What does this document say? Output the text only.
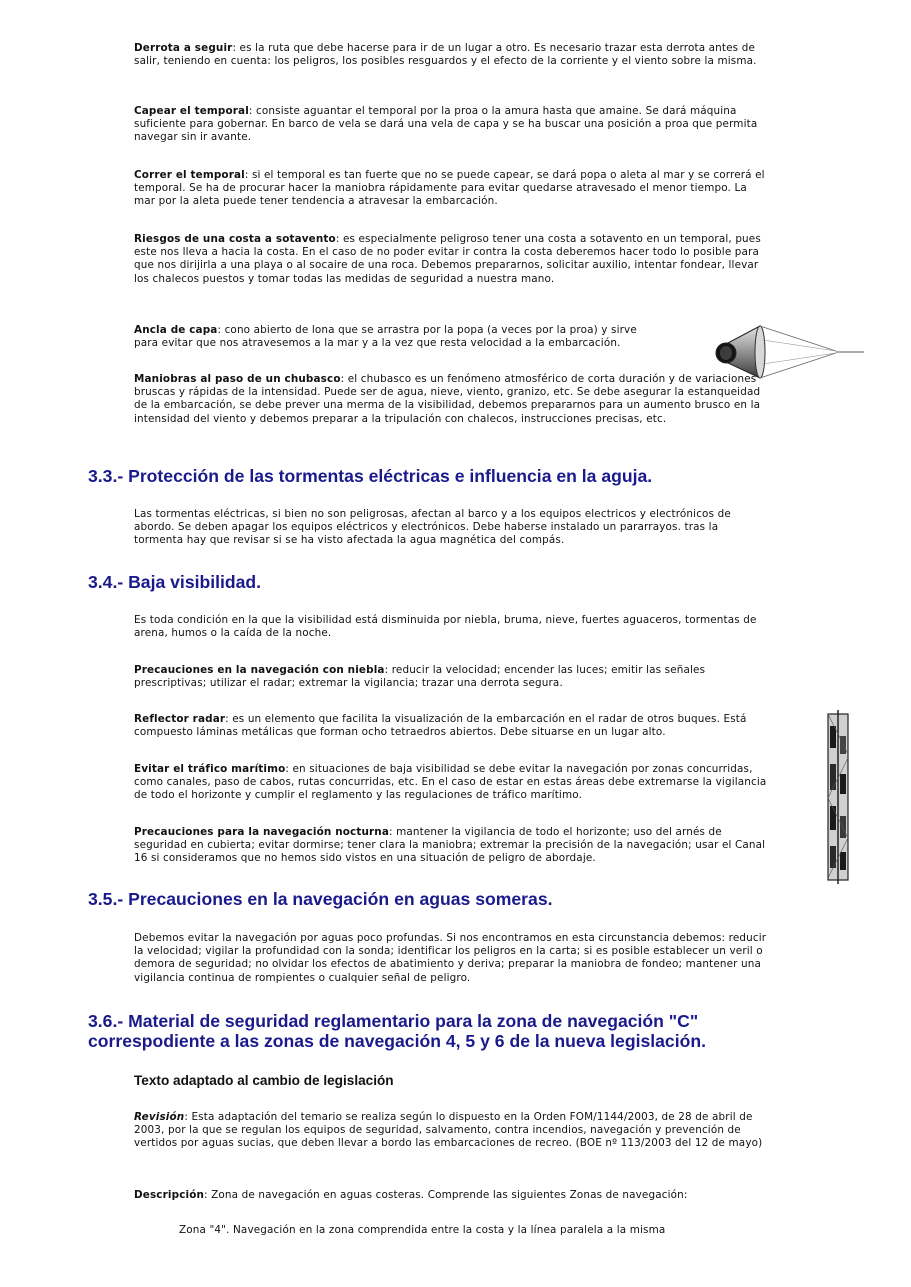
Derrota a seguir: es la ruta que debe hacerse para ir de un lugar a otro. Es necesario trazar esta derrota antes de salir, teniendo en cuenta: los peligros, los posibles resguardos y el efecto de la corriente y el viento sobre la misma.
Capear el temporal: consiste aguantar el temporal por la proa o la amura hasta que amaine. Se dará máquina suficiente para gobernar. En barco de vela se dará una vela de capa y se ha buscar una posición a proa que permita navegar sin ir avante.
Correr el temporal: si el temporal es tan fuerte que no se puede capear, se dará popa o aleta al mar y se correrá el temporal. Se ha de procurar hacer la maniobra rápidamente para evitar quedarse atravesado el menor tiempo. La mar por la aleta puede tener tendencia a atravesar la embarcación.
Riesgos de una costa a sotavento: es especialmente peligroso tener una costa a sotavento en un temporal, pues este nos lleva a hacia la costa. En el caso de no poder evitar ir contra la costa deberemos hacer todo lo posible para que nos dirijirla a una playa o al socaire de una roca. Debemos prepararnos, solicitar auxilio, intentar fondear, llevar los chalecos puestos y tomar todas las medidas de seguridad a nuestra mano.
Ancla de capa: cono abierto de lona que se arrastra por la popa (a veces por la proa) y sirve para evitar que nos atravesemos a la mar y a la vez que resta velocidad a la embarcación.
Maniobras al paso de un chubasco: el chubasco es un fenómeno atmosférico de corta duración y de variaciones bruscas y rápidas de la intensidad. Puede ser de agua, nieve, viento, granizo, etc. Se debe asegurar la estanqueidad de la embarcación, se debe prever una merma de la visibilidad, debemos prepararnos para un aumento brusco en la intensidad del viento y debemos preparar a la tripulación con chalecos, instrucciones precisas, etc.
3.3.- Protección de las tormentas eléctricas e influencia en la aguja.
Las tormentas eléctricas, si bien no son peligrosas, afectan al barco y a los equipos electricos y electrónicos de abordo. Se deben apagar los equipos eléctricos y electrónicos. Debe haberse instalado un pararrayos. tras la tormenta hay que revisar si se ha visto afectada la agua magnética del compás.
3.4.- Baja visibilidad.
Es toda condición en la que la visibilidad está disminuida por niebla, bruma, nieve, fuertes aguaceros, tormentas de arena, humos o la caída de la noche.
Precauciones en la navegación con niebla: reducir la velocidad; encender las luces; emitir las señales prescriptivas; utilizar el radar; extremar la vigilancia; trazar una derrota segura.
Reflector radar: es un elemento que facilita la visualización de la embarcación en el radar de otros buques. Está compuesto láminas metálicas que forman ocho tetraedros abiertos. Debe situarse en un lugar alto.
Evitar el tráfico marítimo: en situaciones de baja visibilidad se debe evitar la navegación por zonas concurridas, como canales, paso de cabos, rutas concurridas, etc. En el caso de estar en estas áreas debe extremarse la vigilancia de todo el horizonte y cumplir el reglamento y las regulaciones de tráfico marítimo.
Precauciones para la navegación nocturna: mantener la vigilancia de todo el horizonte; uso del arnés de seguridad en cubierta; evitar dormirse; tener clara la maniobra; extremar la precisión de la navegación; usar el Canal 16 si consideramos que no hemos sido vistos en una situación de peligro de abordaje.
3.5.- Precauciones en la navegación en aguas someras.
Debemos evitar la navegación por aguas poco profundas. Si nos encontramos en esta circunstancia debemos: reducir la velocidad; vigilar la profundidad con la sonda; identificar los peligros en la carta; si es posible establecer un veril o demora de seguridad; no olvidar los efectos de abatimiento y deriva; preparar la maniobra de fondeo; mantener una vigilancia continua de rompientes o cualquier señal de peligro.
3.6.- Material de seguridad reglamentario para la zona de navegación "C" correspodiente a las zonas de navegación 4, 5 y 6 de la nueva legislación.
Texto adaptado al cambio de legislación
Revisión: Esta adaptación del temario se realiza según lo dispuesto en la Orden FOM/1144/2003, de 28 de abril de 2003, por la que se regulan los equipos de seguridad, salvamento, contra incendios, navegación y prevención de vertidos por aguas sucias, que deben llevar a bordo las embarcaciones de recreo. (BOE nº 113/2003 del 12 de mayo)
Descripción: Zona de navegación en aguas costeras. Comprende las siguientes Zonas de navegación:
Zona "4". Navegación en la zona comprendida entre la costa y la línea paralela a la misma
